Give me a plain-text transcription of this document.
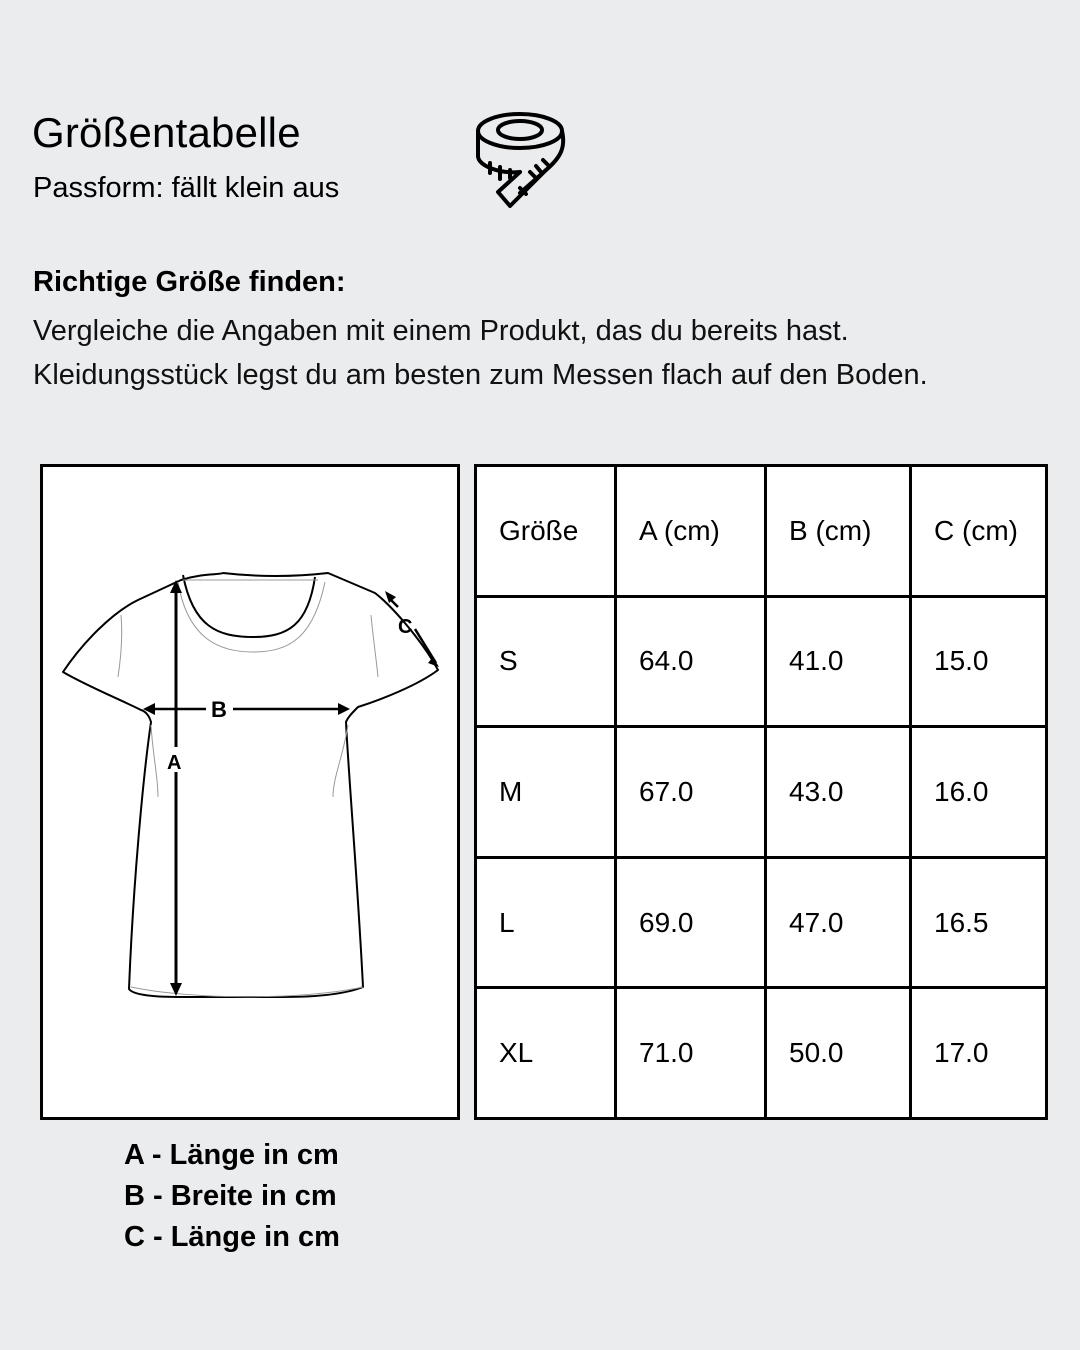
Größentabelle
Passform: fällt klein aus
Richtige Größe finden:
Vergleiche die Angaben mit einem Produkt, das du bereits hast. Kleidungsstück legst du am besten zum Messen flach auf den Boden.
A
B
C
Größe	A (cm)	B (cm)	C (cm)
S	64.0	41.0	15.0
M	67.0	43.0	16.0
L	69.0	47.0	16.5
XL	71.0	50.0	17.0
A - Länge in cm
B - Breite in cm
C - Länge in cm
